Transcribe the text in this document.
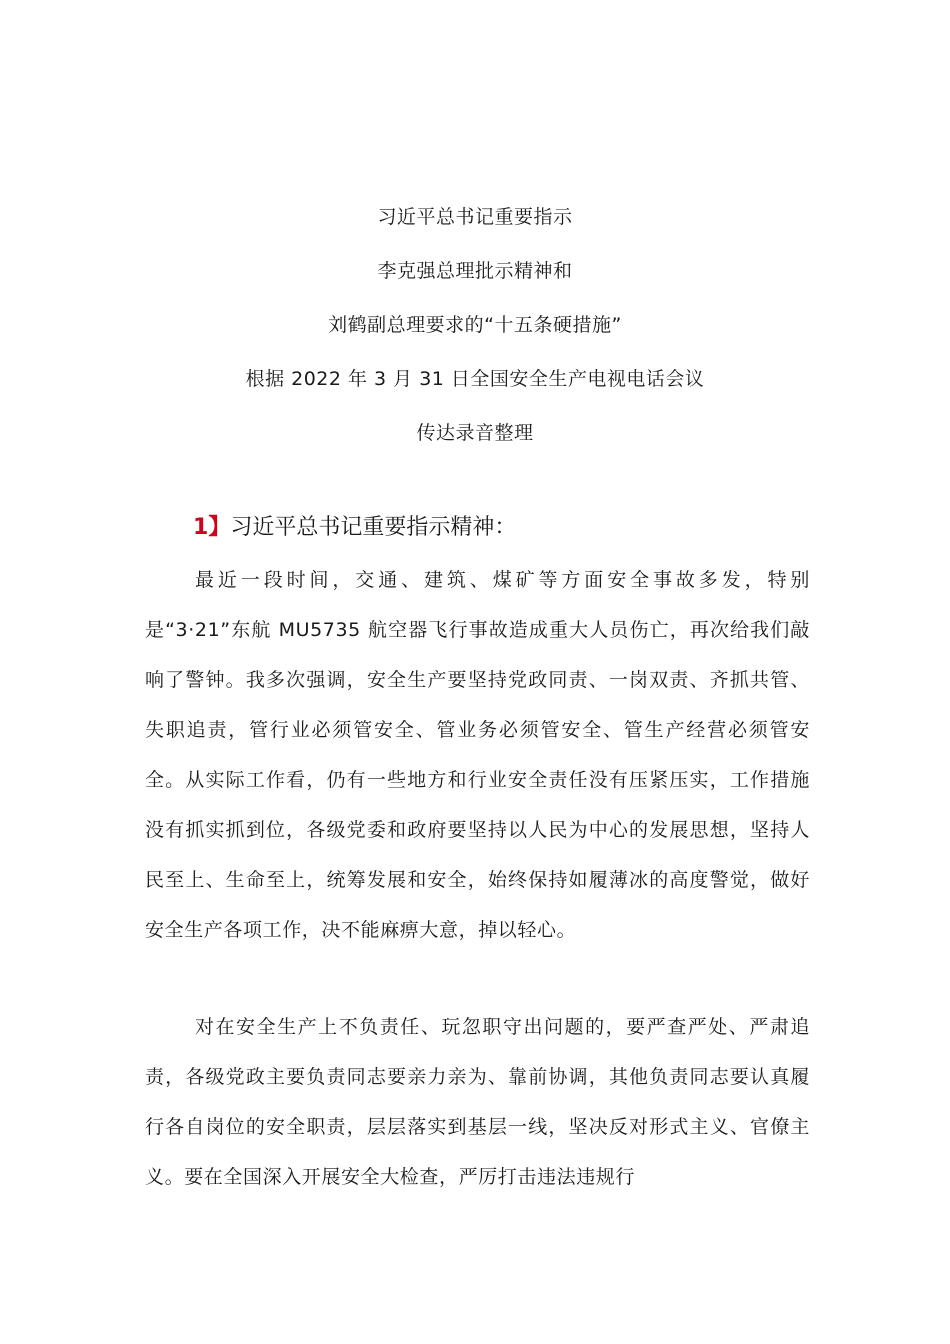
习近平总书记重要指示
李克强总理批示精神和
刘鹤副总理要求的“十五条硬措施”
根据 2022 年 3 月 31 日全国安全生产电视电话会议
传达录音整理
1】习近平总书记重要指示精神：

最近一段时间，交通、建筑、煤矿等方面安全事故多发，特别是“3·21”东航 MU5735 航空器飞行事故造成重大人员伤亡，再次给我们敲响了警钟。我多次强调，安全生产要坚持党政同责、一岗双责、齐抓共管、失职追责，管行业必须管安全、管业务必须管安全、管生产经营必须管安全。从实际工作看，仍有一些地方和行业安全责任没有压紧压实，工作措施没有抓实抓到位，各级党委和政府要坚持以人民为中心的发展思想，坚持人民至上、生命至上，统筹发展和安全，始终保持如履薄冰的高度警觉，做好安全生产各项工作，决不能麻痹大意，掉以轻心。

对在安全生产上不负责任、玩忽职守出问题的，要严查严处、严肃追责，各级党政主要负责同志要亲力亲为、靠前协调，其他负责同志要认真履行各自岗位的安全职责，层层落实到基层一线，坚决反对形式主义、官僚主义。要在全国深入开展安全大检查，严厉打击违法违规行
